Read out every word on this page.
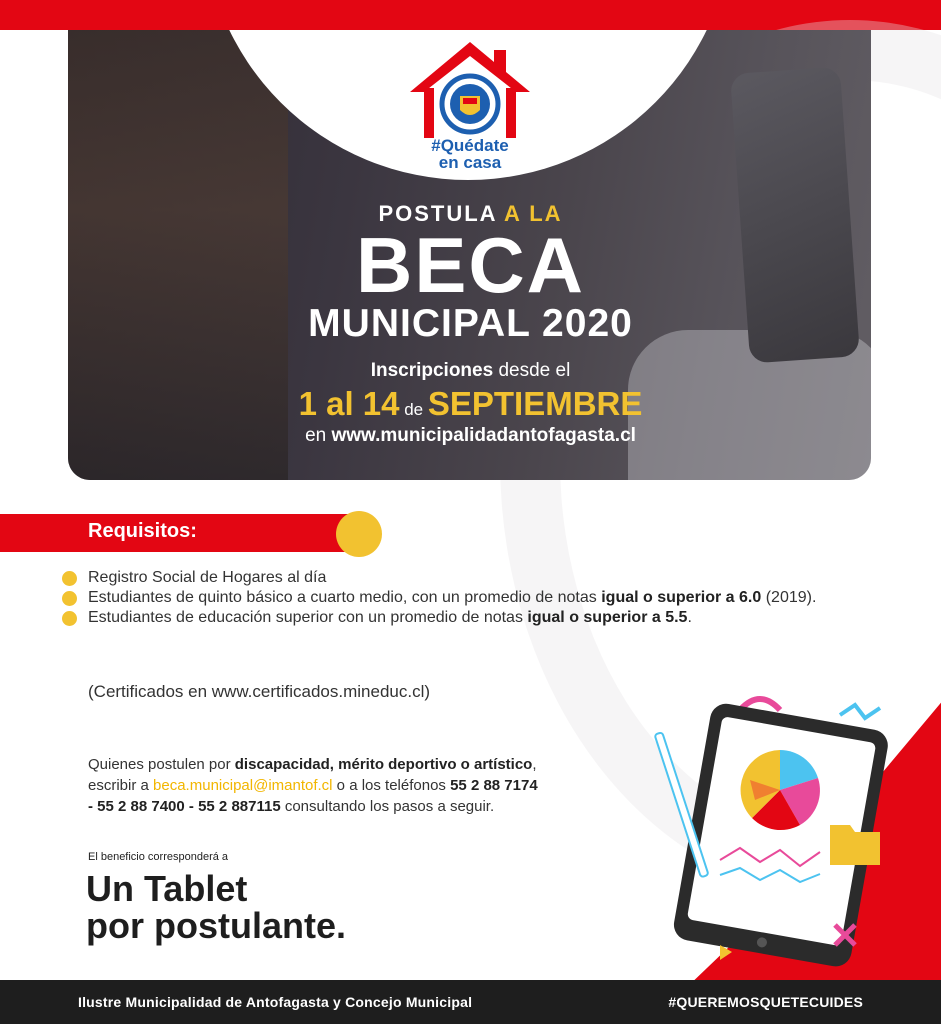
#Quédate
en casa
POSTULA A LA
BECA
MUNICIPAL 2020
Inscripciones desde el
1 al 14 de SEPTIEMBRE
en www.municipalidadantofagasta.cl
Requisitos:
Registro Social de Hogares al día
Estudiantes de quinto básico a cuarto medio, con un promedio de notas igual o superior a 6.0 (2019).
Estudiantes de educación superior con un promedio de notas igual o superior a 5.5.
(Certificados en www.certificados.mineduc.cl)
Quienes postulen por discapacidad, mérito deportivo o artístico,
escribir a beca.municipal@imantof.cl o a los teléfonos 55 2 88 7174
- 55 2 88 7400 - 55 2 887115 consultando los pasos a seguir.
El beneficio corresponderá a
Un Tablet
por postulante.
Ilustre Municipalidad de Antofagasta y Concejo Municipal	#QUEREMOSQUETECUIDES
